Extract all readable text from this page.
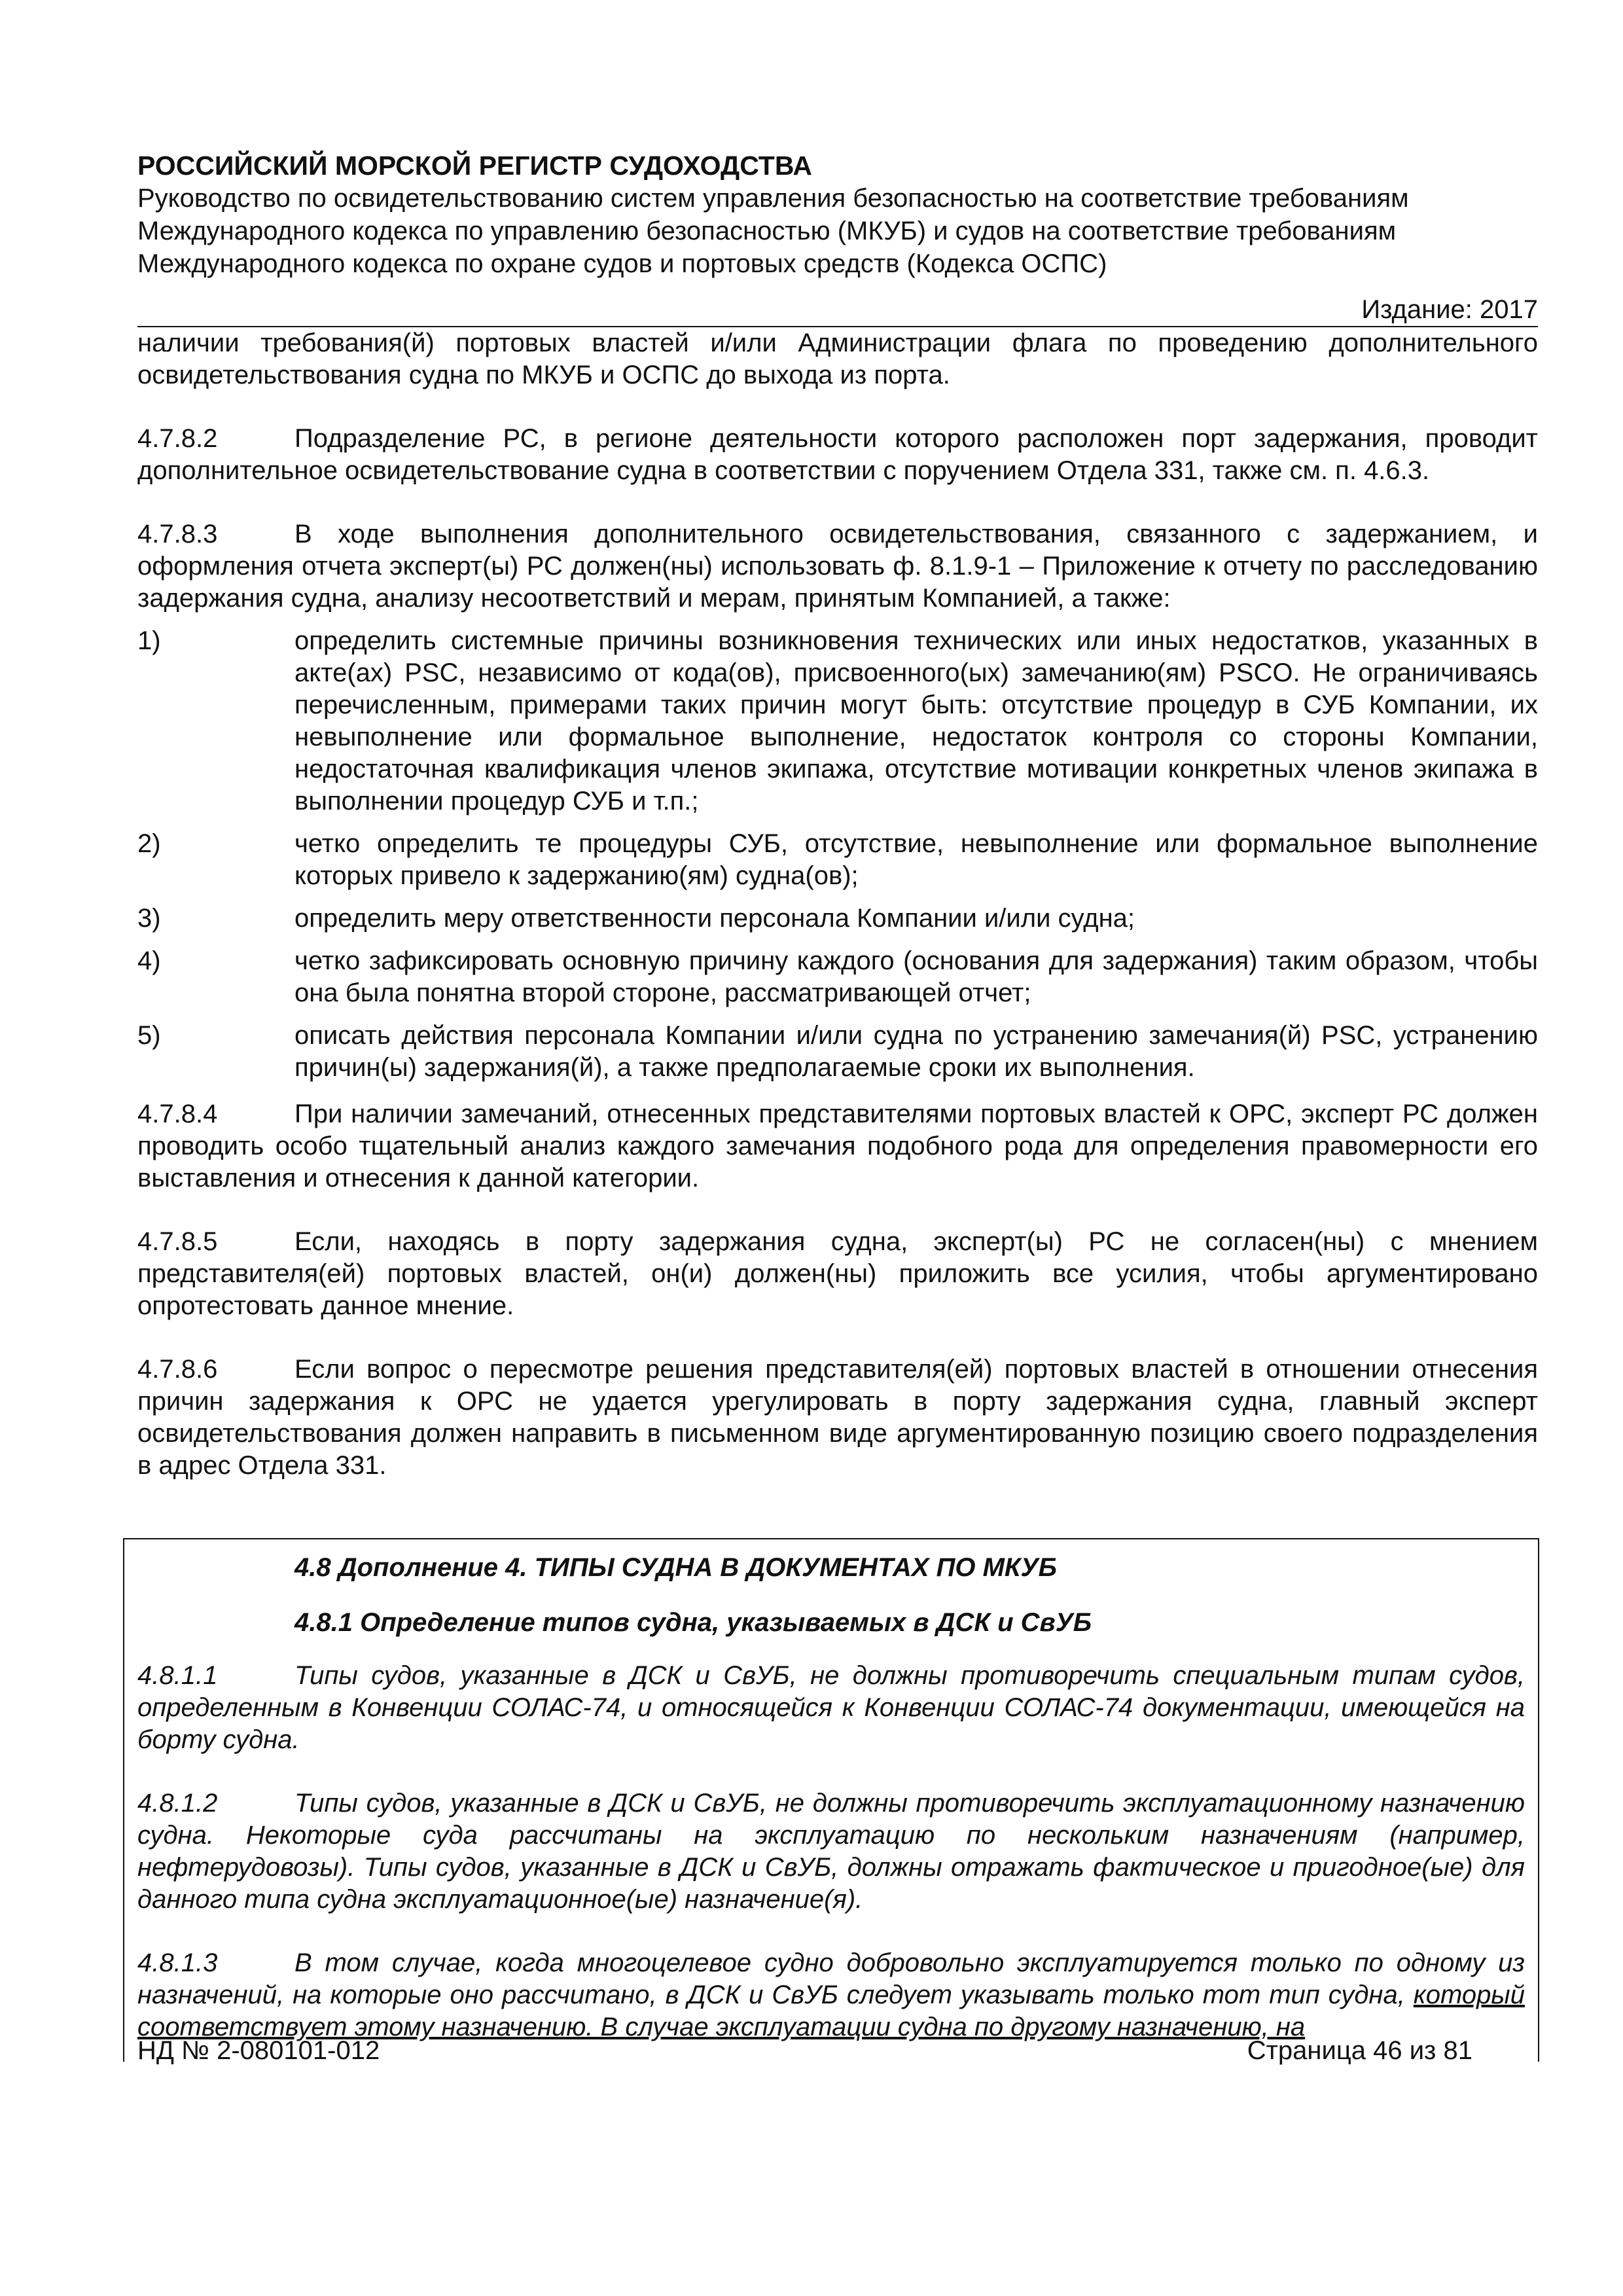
РОССИЙСКИЙ МОРСКОЙ РЕГИСТР СУДОХОДСТВА
Руководство по освидетельствованию систем управления безопасностью на соответствие требованиям
Международного кодекса по управлению безопасностью (МКУБ) и судов на соответствие требованиям
Международного кодекса по охране судов и портовых средств (Кодекса ОСПС)
Издание: 2017
наличии требования(й) портовых властей и/или Администрации флага по проведению дополнительного освидетельствования судна по МКУБ и ОСПС до выхода из порта.
4.7.8.2	Подразделение РС, в регионе деятельности которого расположен порт задержания, проводит дополнительное освидетельствование судна в соответствии с поручением Отдела 331, также см. п. 4.6.3.
4.7.8.3	В ходе выполнения дополнительного освидетельствования, связанного с задержанием, и оформления отчета эксперт(ы) РС должен(ны) использовать ф. 8.1.9-1 – Приложение к отчету по расследованию задержания судна, анализу несоответствий и мерам, принятым Компанией, а также:
1)	определить системные причины возникновения технических или иных недостатков, указанных в акте(ах) PSC, независимо от кода(ов), присвоенного(ых) замечанию(ям) PSCO. Не ограничиваясь перечисленным, примерами таких причин могут быть: отсутствие процедур в СУБ Компании, их невыполнение или формальное выполнение, недостаток контроля со стороны Компании, недостаточная квалификация членов экипажа, отсутствие мотивации конкретных членов экипажа в выполнении процедур СУБ и т.п.;
2)	четко определить те процедуры СУБ, отсутствие, невыполнение или формальное выполнение которых привело к задержанию(ям) судна(ов);
3)	определить меру ответственности персонала Компании и/или судна;
4)	четко зафиксировать основную причину каждого (основания для задержания) таким образом, чтобы она была понятна второй стороне, рассматривающей отчет;
5)	описать действия персонала Компании и/или судна по устранению замечания(й) PSC, устранению причин(ы) задержания(й), а также предполагаемые сроки их выполнения.
4.7.8.4	При наличии замечаний, отнесенных представителями портовых властей к ОРС, эксперт РС должен проводить особо тщательный анализ каждого замечания подобного рода для определения правомерности его выставления и отнесения к данной категории.
4.7.8.5	Если, находясь в порту задержания судна, эксперт(ы) РС не согласен(ны) с мнением представителя(ей) портовых властей, он(и) должен(ны) приложить все усилия, чтобы аргументировано опротестовать данное мнение.
4.7.8.6	Если вопрос о пересмотре решения представителя(ей) портовых властей в отношении отнесения причин задержания к ОРС не удается урегулировать в порту задержания судна, главный эксперт освидетельствования должен направить в письменном виде аргументированную позицию своего подразделения в адрес Отдела 331.
4.8 Дополнение 4. ТИПЫ СУДНА В ДОКУМЕНТАХ ПО МКУБ
4.8.1 Определение типов судна, указываемых в ДСК и СвУБ
4.8.1.1	Типы судов, указанные в ДСК и СвУБ, не должны противоречить специальным типам судов, определенным в Конвенции СОЛАС-74, и относящейся к Конвенции СОЛАС-74 документации, имеющейся на борту судна.
4.8.1.2	Типы судов, указанные в ДСК и СвУБ, не должны противоречить эксплуатационному назначению судна. Некоторые суда рассчитаны на эксплуатацию по нескольким назначениям (например, нефтерудовозы). Типы судов, указанные в ДСК и СвУБ, должны отражать фактическое и пригодное(ые) для данного типа судна эксплуатационное(ые) назначение(я).
4.8.1.3	В том случае, когда многоцелевое судно добровольно эксплуатируется только по одному из назначений, на которые оно рассчитано, в ДСК и СвУБ следует указывать только тот тип судна, который соответствует этому назначению. В случае эксплуатации судна по другому назначению, на
НД № 2-080101-012	Страница 46 из 81
